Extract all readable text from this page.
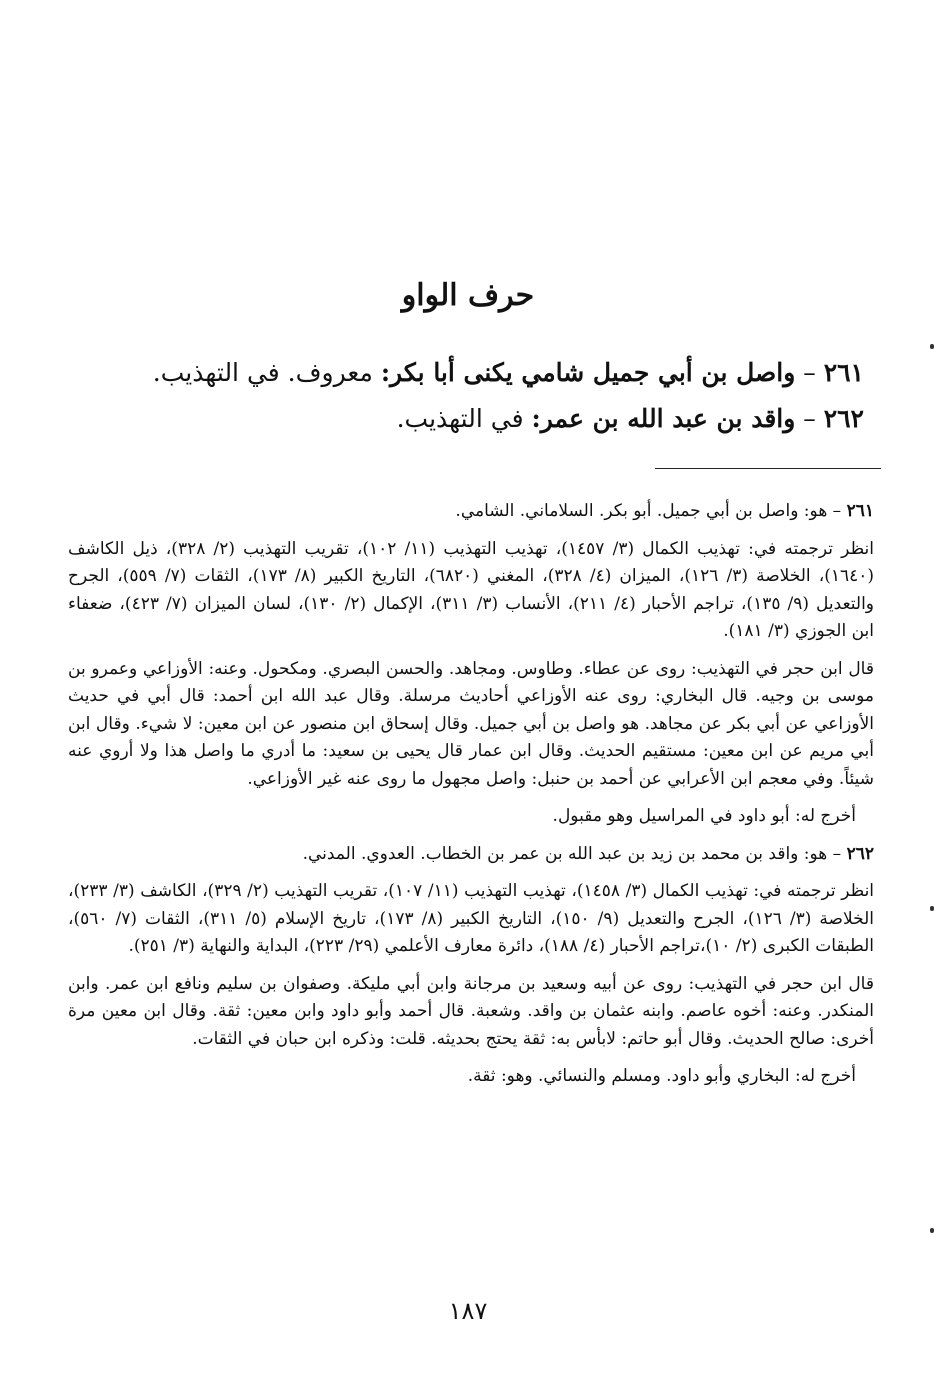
حرف الواو
٢٦١ – واصل بن أبي جميل شامي يكنى أبا بكر: معروف. في التهذيب.
٢٦٢ – واقد بن عبد الله بن عمر: في التهذيب.

٢٦١ – هو: واصل بن أبي جميل. أبو بكر. السلاماني. الشامي.

انظر ترجمته في: تهذيب الكمال (٣/ ١٤٥٧)، تهذيب التهذيب (١١/ ١٠٢)، تقريب التهذيب (٢/ ٣٢٨)، ذيل الكاشف (١٦٤٠)، الخلاصة (٣/ ١٢٦)، الميزان (٤/ ٣٢٨)، المغني (٦٨٢٠)، التاريخ الكبير (٨/ ١٧٣)، الثقات (٧/ ٥٥٩)، الجرح والتعديل (٩/ ١٣٥)، تراجم الأحبار (٤/ ٢١١)، الأنساب (٣/ ٣١١)، الإكمال (٢/ ١٣٠)، لسان الميزان (٧/ ٤٢٣)، ضعفاء ابن الجوزي (٣/ ١٨١).

قال ابن حجر في التهذيب: روى عن عطاء. وطاوس. ومجاهد. والحسن البصري. ومكحول. وعنه: الأوزاعي وعمرو بن موسى بن وجيه. قال البخاري: روى عنه الأوزاعي أحاديث مرسلة. وقال عبد الله ابن أحمد: قال أبي في حديث الأوزاعي عن أبي بكر عن مجاهد. هو واصل بن أبي جميل. وقال إسحاق ابن منصور عن ابن معين: لا شيء. وقال ابن أبي مريم عن ابن معين: مستقيم الحديث. وقال ابن عمار قال يحيى بن سعيد: ما أدري ما واصل هذا ولا أروي عنه شيئاً. وفي معجم ابن الأعرابي عن أحمد بن حنبل: واصل مجهول ما روى عنه غير الأوزاعي.

أخرج له: أبو داود في المراسيل وهو مقبول.

٢٦٢ – هو: واقد بن محمد بن زيد بن عبد الله بن عمر بن الخطاب. العدوي. المدني.

انظر ترجمته في: تهذيب الكمال (٣/ ١٤٥٨)، تهذيب التهذيب (١١/ ١٠٧)، تقريب التهذيب (٢/ ٣٢٩)، الكاشف (٣/ ٢٣٣)، الخلاصة (٣/ ١٢٦)، الجرح والتعديل (٩/ ١٥٠)، التاريخ الكبير (٨/ ١٧٣)، تاريخ الإسلام (٥/ ٣١١)، الثقات (٧/ ٥٦٠)، الطبقات الكبرى (٢/ ١٠)،تراجم الأحبار (٤/ ١٨٨)، دائرة معارف الأعلمي (٢٩/ ٢٢٣)، البداية والنهاية (٣/ ٢٥١).

قال ابن حجر في التهذيب: روى عن أبيه وسعيد بن مرجانة وابن أبي مليكة. وصفوان بن سليم ونافع ابن عمر. وابن المنكدر. وعنه: أخوه عاصم. وابنه عثمان بن واقد. وشعبة. قال أحمد وأبو داود وابن معين: ثقة. وقال ابن معين مرة أخرى: صالح الحديث. وقال أبو حاتم: لابأس به: ثقة يحتج بحديثه. قلت: وذكره ابن حبان في الثقات.

أخرج له: البخاري وأبو داود. ومسلم والنسائي. وهو: ثقة.

١٨٧
